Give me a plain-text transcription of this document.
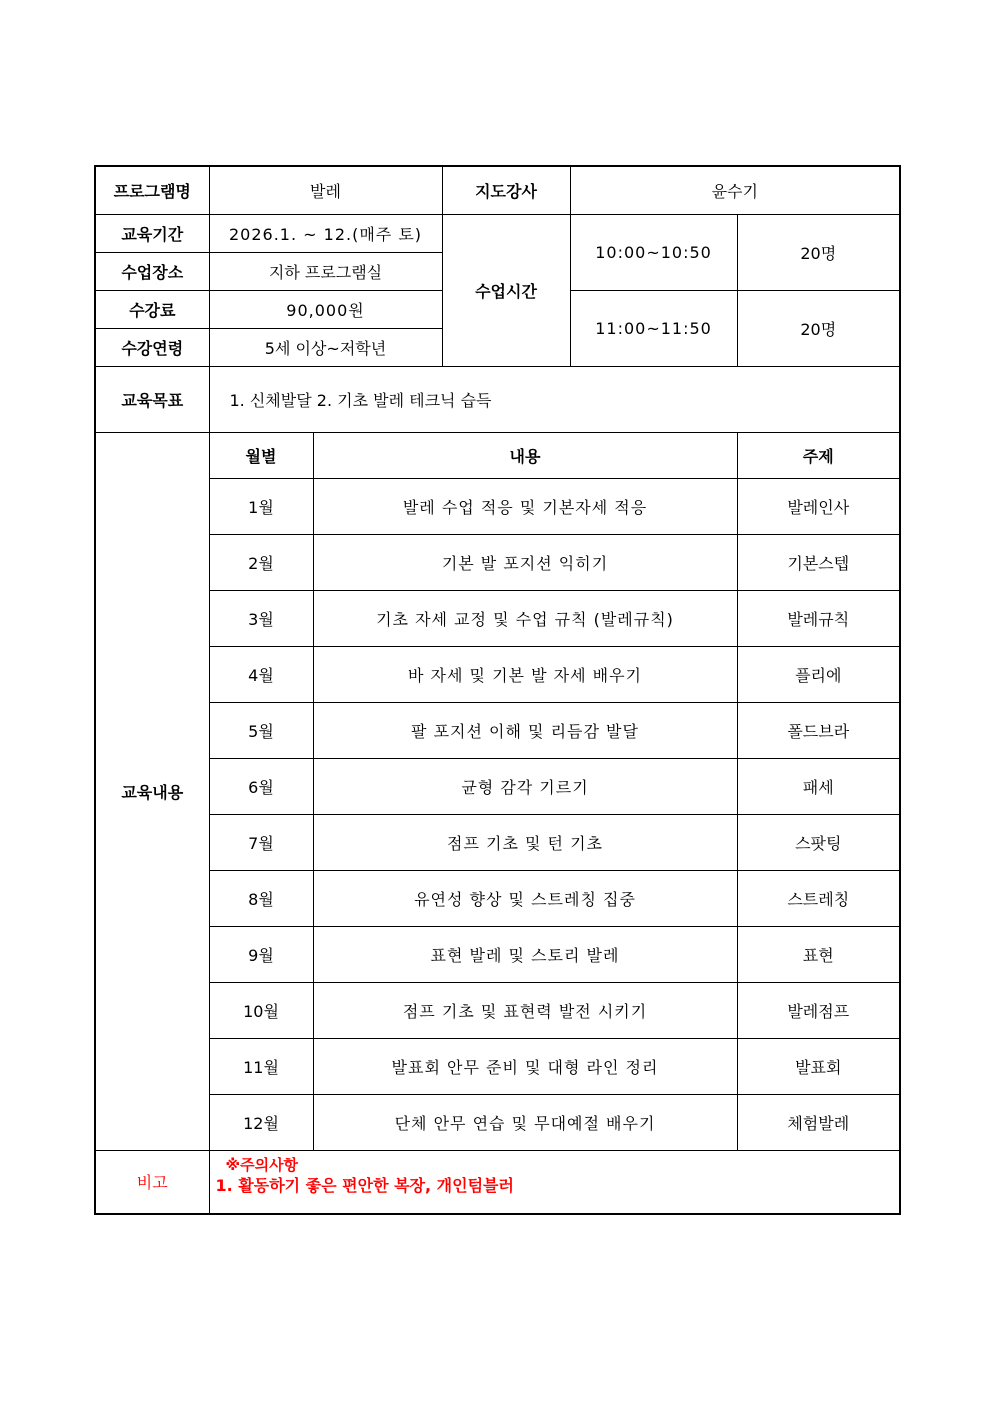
프로그램명	발레		지도강사	윤수기	
교육기간	2026.1. ~ 12.(매주 토)		수업시간	10:00~10:50	20명
수업장소	지하 프로그램실				
수강료	90,000원			11:00~11:50	20명
수강연령	5세 이상~저학년				
교육목표	1. 신체발달 2. 기초 발레 테크닉 습득				
교육내용	월별	내용			주제
	1월	발레 수업 적응 및 기본자세 적응			발레인사
	2월	기본 발 포지션 익히기			기본스텝
	3월	기초 자세 교정 및 수업 규칙 (발레규칙)			발레규칙
	4월	바 자세 및 기본 발 자세 배우기			플리에
	5월	팔 포지션 이해 및 리듬감 발달			폴드브라
	6월	균형 감각 기르기			패세
	7월	점프 기초 및 턴 기초			스팟팅
	8월	유연성 향상 및 스트레칭 집중			스트레칭
	9월	표현 발레 및 스토리 발레			표현
	10월	점프 기초 및 표현력 발전 시키기			발레점프
	11월	발표회 안무 준비 및 대형 라인 정리			발표회
	12월	단체 안무 연습 및 무대예절 배우기			체험발레
비고	※주의사항
1. 활동하기 좋은 편안한 복장, 개인텀블러				
